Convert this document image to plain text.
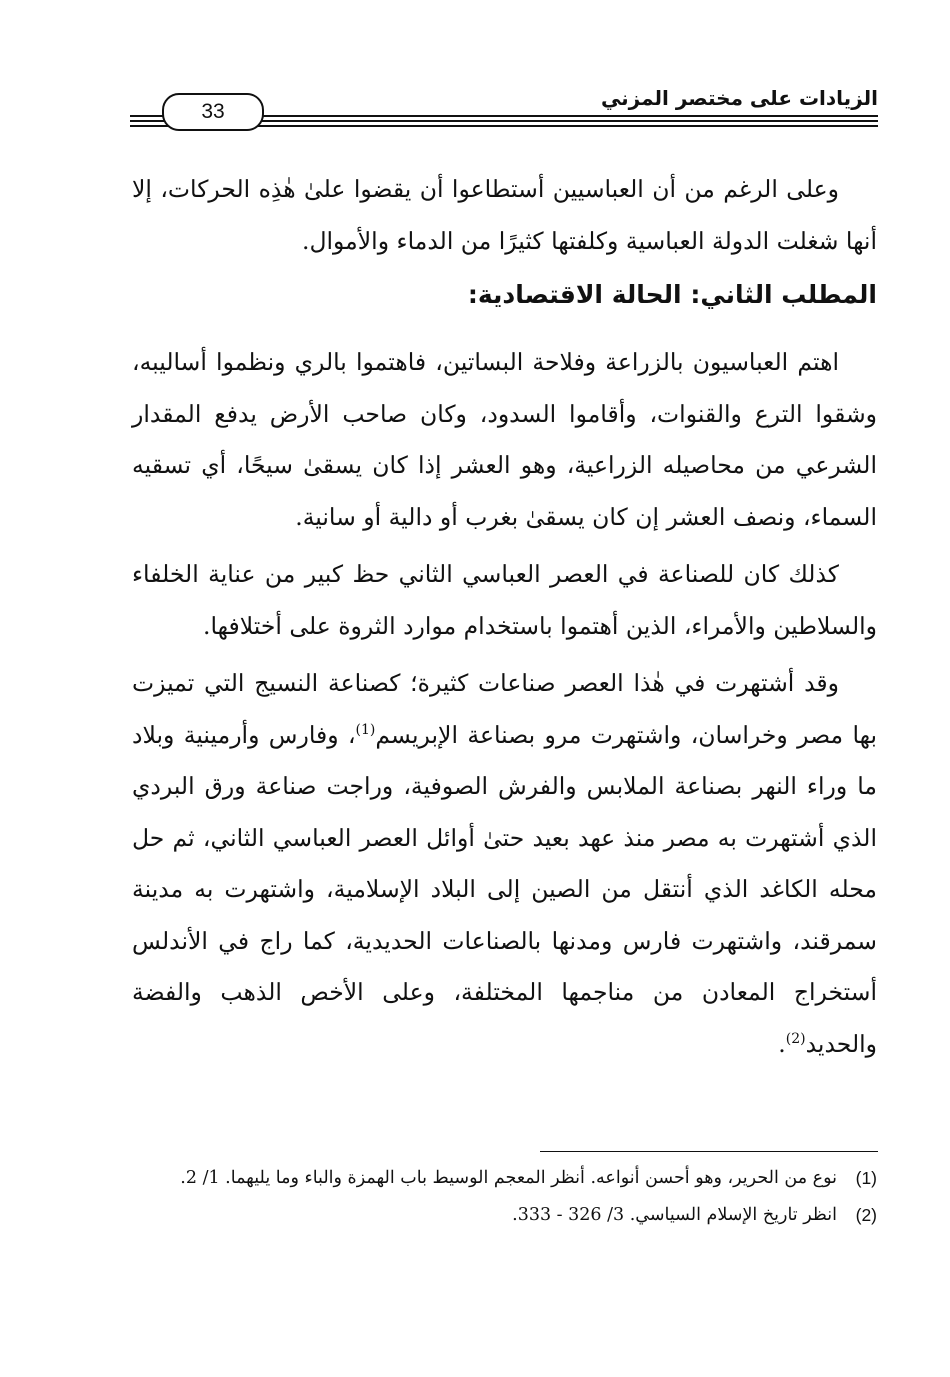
الزيادات على مختصر المزني
33

وعلى الرغم من أن العباسيين أستطاعوا أن يقضوا علىٰ هٰذِه الحركات، إلا أنها شغلت الدولة العباسية وكلفتها كثيرًا من الدماء والأموال.

المطلب الثاني: الحالة الاقتصادية:

اهتم العباسيون بالزراعة وفلاحة البساتين، فاهتموا بالري ونظموا أساليبه، وشقوا الترع والقنوات، وأقاموا السدود، وكان صاحب الأرض يدفع المقدار الشرعي من محاصيله الزراعية، وهو العشر إذا كان يسقىٰ سيحًا، أي تسقيه السماء، ونصف العشر إن كان يسقىٰ بغرب أو دالية أو سانية.

كذلك كان للصناعة في العصر العباسي الثاني حظ كبير من عناية الخلفاء والسلاطين والأمراء، الذين أهتموا باستخدام موارد الثروة على أختلافها.

وقد أشتهرت في هٰذا العصر صناعات كثيرة؛ كصناعة النسيج التي تميزت بها مصر وخراسان، واشتهرت مرو بصناعة الإبريسم$^{(1)}$، وفارس وأرمينية وبلاد ما وراء النهر بصناعة الملابس والفرش الصوفية، وراجت صناعة ورق البردي الذي أشتهرت به مصر منذ عهد بعيد حتىٰ أوائل العصر العباسي الثاني، ثم حل محله الكاغد الذي أنتقل من الصين إلى البلاد الإسلامية، واشتهرت به مدينة سمرقند، واشتهرت فارس ومدنها بالصناعات الحديدية، كما راج في الأندلس أستخراج المعادن من مناجمها المختلفة، وعلى الأخص الذهب والفضة والحديد$^{(2)}$.

(1)
نوع من الحرير، وهو أحسن أنواعه. أنظر المعجم الوسيط باب الهمزة والباء وما يليهما. 1/ 2.
(2)
انظر تاريخ الإسلام السياسي. 3/ 326 - 333.
